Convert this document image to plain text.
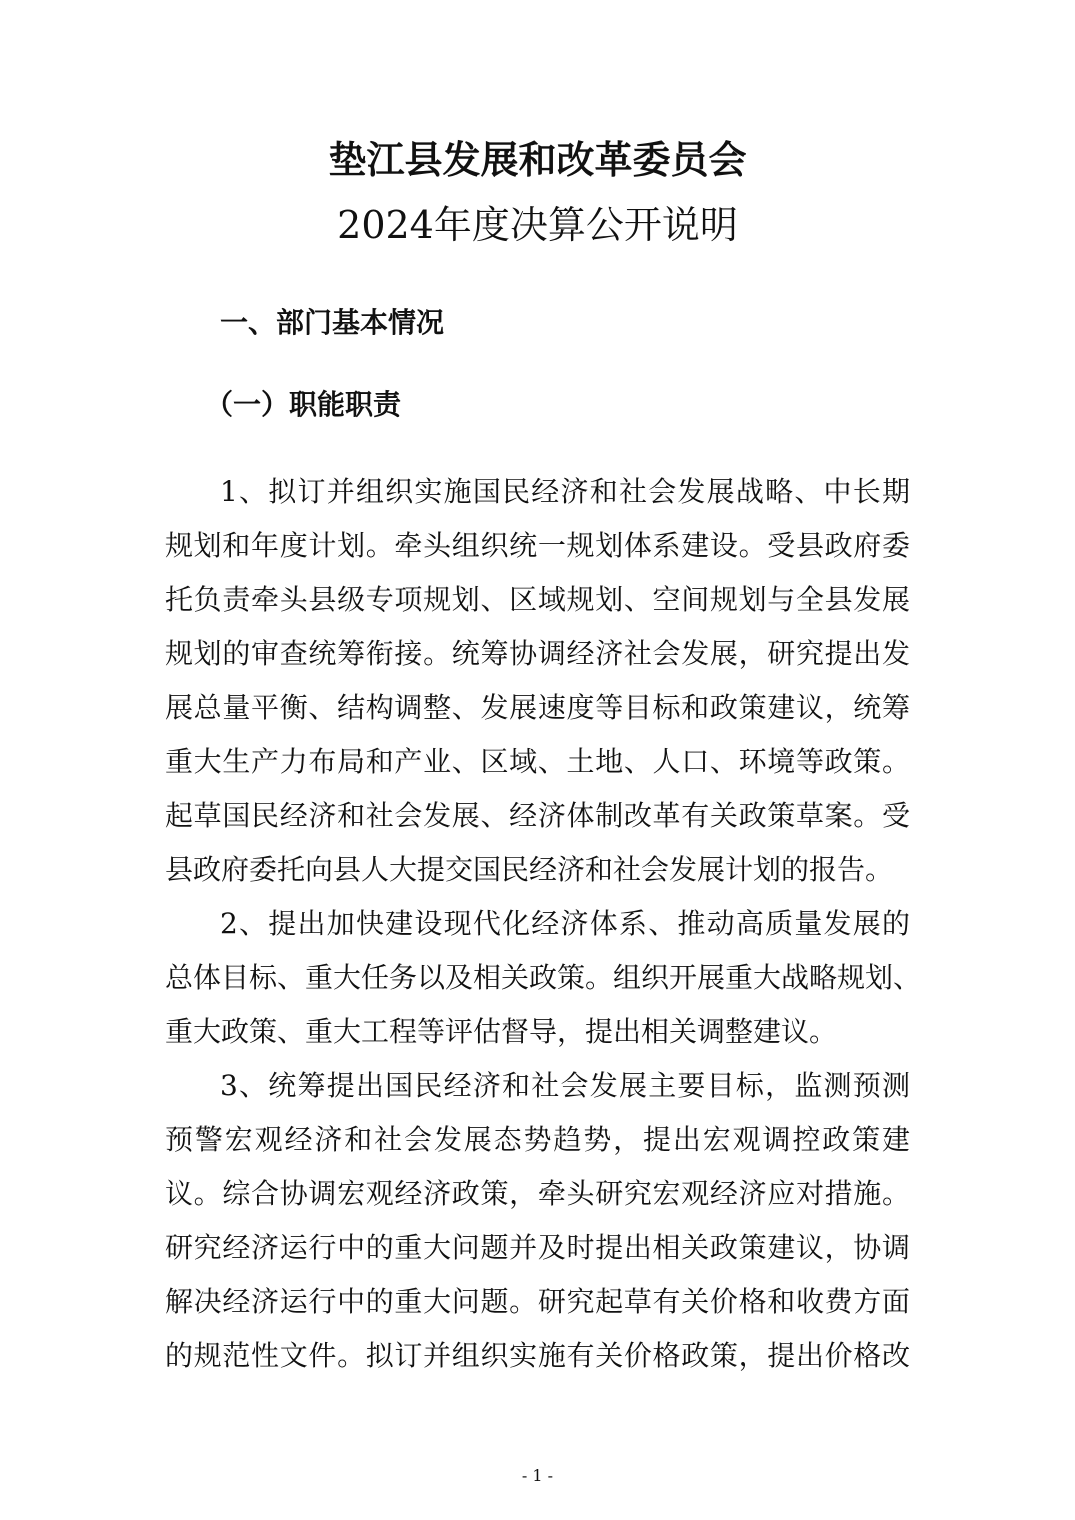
垫江县发展和改革委员会
2024年度决算公开说明
一、部门基本情况
（一）职能职责
1、拟订并组织实施国民经济和社会发展战略、中长期
规划和年度计划。牵头组织统一规划体系建设。受县政府委
托负责牵头县级专项规划、区域规划、空间规划与全县发展
规划的审查统筹衔接。统筹协调经济社会发展，研究提出发
展总量平衡、结构调整、发展速度等目标和政策建议，统筹
重大生产力布局和产业、区域、土地、人口、环境等政策。
起草国民经济和社会发展、经济体制改革有关政策草案。受
县政府委托向县人大提交国民经济和社会发展计划的报告。
2、提出加快建设现代化经济体系、推动高质量发展的
总体目标、重大任务以及相关政策。组织开展重大战略规划、
重大政策、重大工程等评估督导，提出相关调整建议。
3、统筹提出国民经济和社会发展主要目标，监测预测
预警宏观经济和社会发展态势趋势，提出宏观调控政策建
议。综合协调宏观经济政策，牵头研究宏观经济应对措施。
研究经济运行中的重大问题并及时提出相关政策建议，协调
解决经济运行中的重大问题。研究起草有关价格和收费方面
的规范性文件。拟订并组织实施有关价格政策，提出价格改
- 1 -
